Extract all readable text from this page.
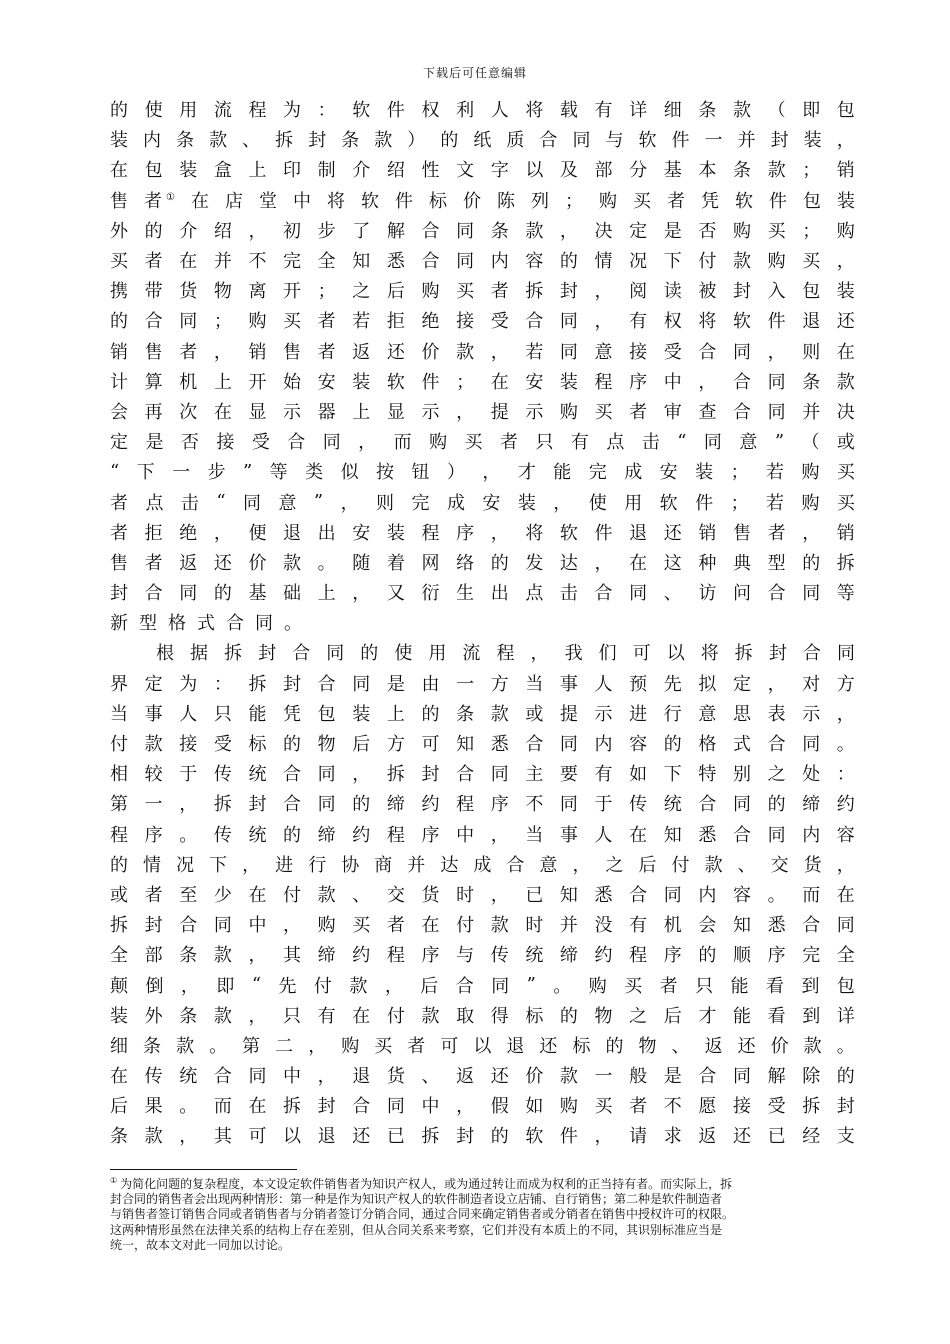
下载后可任意编辑
的 使 用 流 程 为 ： 软 件 权 利 人 将 载 有 详 细 条 款 （ 即 包
装 内 条 款 、 拆 封 条 款 ） 的 纸 质 合 同 与 软 件 一 并 封 装 ，
在 包 装 盒 上 印 制 介 绍 性 文 字 以 及 部 分 基 本 条 款 ； 销
售 者 ① 在 店 堂 中 将 软 件 标 价 陈 列 ； 购 买 者 凭 软 件 包 装
外 的 介 绍 ， 初 步 了 解 合 同 条 款 ， 决 定 是 否 购 买 ； 购
买 者 在 并 不 完 全 知 悉 合 同 内 容 的 情 况 下 付 款 购 买 ，
携 带 货 物 离 开 ； 之 后 购 买 者 拆 封 ， 阅 读 被 封 入 包 装
的 合 同 ； 购 买 者 若 拒 绝 接 受 合 同 ， 有 权 将 软 件 退 还
销 售 者 ， 销 售 者 返 还 价 款 ， 若 同 意 接 受 合 同 ， 则 在
计 算 机 上 开 始 安 装 软 件 ； 在 安 装 程 序 中 ， 合 同 条 款
会 再 次 在 显 示 器 上 显 示 ， 提 示 购 买 者 审 查 合 同 并 决
定 是 否 接 受 合 同 ， 而 购 买 者 只 有 点 击 “ 同 意 ” （ 或
“ 下 一 步 ” 等 类 似 按 钮 ） ， 才 能 完 成 安 装 ； 若 购 买
者 点 击 “ 同 意 ” ， 则 完 成 安 装 ， 使 用 软 件 ； 若 购 买
者 拒 绝 ， 便 退 出 安 装 程 序 ， 将 软 件 退 还 销 售 者 ， 销
售 者 返 还 价 款 。 随 着 网 络 的 发 达 ， 在 这 种 典 型 的 拆
封 合 同 的 基 础 上 ， 又 衍 生 出 点 击 合 同 、 访 问 合 同 等
新 型 格 式 合 同 。
根 据 拆 封 合 同 的 使 用 流 程 ， 我 们 可 以 将 拆 封 合 同
界 定 为 ： 拆 封 合 同 是 由 一 方 当 事 人 预 先 拟 定 ， 对 方
当 事 人 只 能 凭 包 装 上 的 条 款 或 提 示 进 行 意 思 表 示 ，
付 款 接 受 标 的 物 后 方 可 知 悉 合 同 内 容 的 格 式 合 同 。
相 较 于 传 统 合 同 ， 拆 封 合 同 主 要 有 如 下 特 别 之 处 ：
第 一 ， 拆 封 合 同 的 缔 约 程 序 不 同 于 传 统 合 同 的 缔 约
程 序 。 传 统 的 缔 约 程 序 中 ， 当 事 人 在 知 悉 合 同 内 容
的 情 况 下 ， 进 行 协 商 并 达 成 合 意 ， 之 后 付 款 、 交 货 ，
或 者 至 少 在 付 款 、 交 货 时 ， 已 知 悉 合 同 内 容 。 而 在
拆 封 合 同 中 ， 购 买 者 在 付 款 时 并 没 有 机 会 知 悉 合 同
全 部 条 款 ， 其 缔 约 程 序 与 传 统 缔 约 程 序 的 顺 序 完 全
颠 倒 ， 即 “ 先 付 款 ， 后 合 同 ” 。 购 买 者 只 能 看 到 包
装 外 条 款 ， 只 有 在 付 款 取 得 标 的 物 之 后 才 能 看 到 详
细 条 款 。 第 二 ， 购 买 者 可 以 退 还 标 的 物 、 返 还 价 款 。
在 传 统 合 同 中 ， 退 货 、 返 还 价 款 一 般 是 合 同 解 除 的
后 果 。 而 在 拆 封 合 同 中 ， 假 如 购 买 者 不 愿 接 受 拆 封
条 款 ， 其 可 以 退 还 已 拆 封 的 软 件 ， 请 求 返 还 已 经 支

① 为简化问题的复杂程度，本文设定软件销售者为知识产权人，或为通过转让而成为权利的正当持有者。而实际上，拆

封合同的销售者会出现两种情形：第一种是作为知识产权人的软件制造者设立店铺、自行销售；第二种是软件制造者

与销售者签订销售合同或者销售者与分销者签订分销合同，通过合同来确定销售者或分销者在销售中授权许可的权限。

这两种情形虽然在法律关系的结构上存在差别，但从合同关系来考察，它们并没有本质上的不同，其识别标准应当是

统一，故本文对此一同加以讨论。
